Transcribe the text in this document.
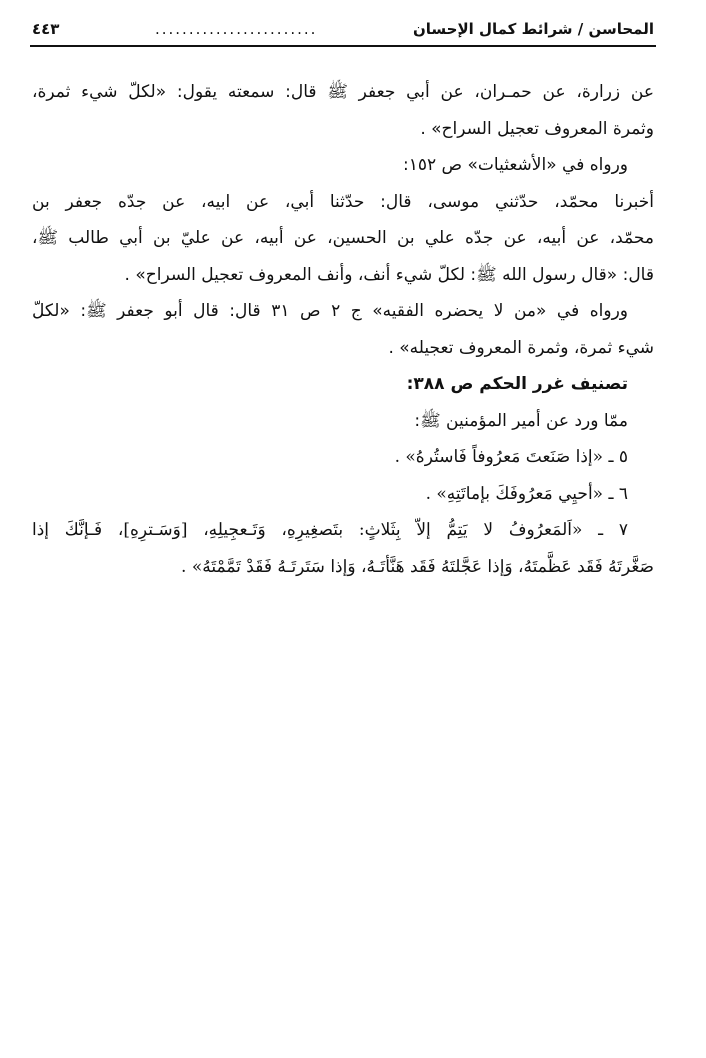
المحاسن / شرائط كمال الإحسان
........................
٤٤٣
عن زرارة، عن حمـران، عن أبي جعفر ﷺ قال: سمعته يقول: «لكلّ شيء ثمرة،
وثمرة المعروف تعجيل السراح» .
ورواه في «الأشعثيات» ص ١٥٢:
أخبرنا محمّد، حدّثني موسى، قال: حدّثنا أبي، عن ابيه، عن جدّه جعفر بن
محمّد، عن أبيه، عن جدّه علي بن الحسين، عن أبيه، عن عليّ بن أبي طالب ﷺ،
قال: «قال رسول الله ﷺ: لكلّ شيء أنف، وأنف المعروف تعجيل السراح» .
ورواه في «من لا يحضره الفقيه» ج ٢ ص ٣١ قال: قال أبو جعفر ﷺ: «لكلّ
شيء ثمرة، وثمرة المعروف تعجيله» .
تصنيف غرر الحكم ص ٣٨٨:
ممّا ورد عن أمير المؤمنين ﷺ:
٥ ـ «إذا صَنَعتَ مَعرُوفاً فَاستُرهُ» .
٦ ـ «أحيِي مَعرُوفَكَ بإماتَتِهِ» .
٧ ـ «اَلمَعرُوفُ لا يَتِمُّ إلاّ بِثَلاثٍ: بتَصغِيرِهِ، وَتَـعجِيلِهِ، [وَسَـترِهِ]، فَـإنَّكَ إذا
صَغَّرتَهُ فَقَد عَظَّمتَهُ، وَإذا عَجَّلتَهُ فَقَد هَنَّأتَـهُ، وَإذا سَتَرتَـهُ فَقَدْ تَمَّمْتَهُ» .
